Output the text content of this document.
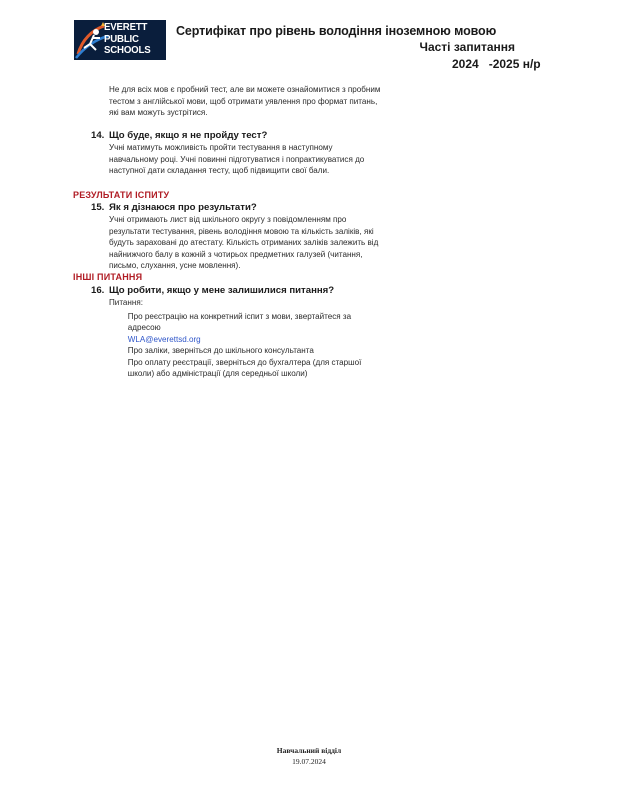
EVERETT
PUBLIC
SCHOOLS
Сертифікат про рівень володіння іноземною мовою
Часті запитання
2024   -2025 н/р
Не для всіх мов є пробний тест, але ви можете ознайомитися з пробним тестом з англійської мови, щоб отримати уявлення про формат питань, які вам можуть зустрітися.
14. Що буде, якщо я не пройду тест?
Учні матимуть можливість пройти тестування в наступному навчальному році. Учні повинні підготуватися і попрактикуватися до наступної дати складання тесту, щоб підвищити свої бали.
РЕЗУЛЬТАТИ ІСПИТУ
15. Як я дізнаюся про результати?
Учні отримають лист від шкільного округу з повідомленням про результати тестування, рівень володіння мовою та кількість заліків, які будуть зараховані до атестату. Кількість отриманих заліків залежить від найнижчого балу в кожній з чотирьох предметних галузей (читання, письмо, слухання, усне мовлення).
ІНШІ ПИТАННЯ
16. Що робити, якщо у мене залишилися питання?
Питання:
Про реєстрацію на конкретний іспит з мови, звертайтеся за адресою
WLA@everettsd.org
Про заліки, зверніться до шкільного консультанта
Про оплату реєстрації, зверніться до бухгалтера (для старшої школи) або адміністрації (для середньої школи)
Навчальний відділ
19.07.2024
